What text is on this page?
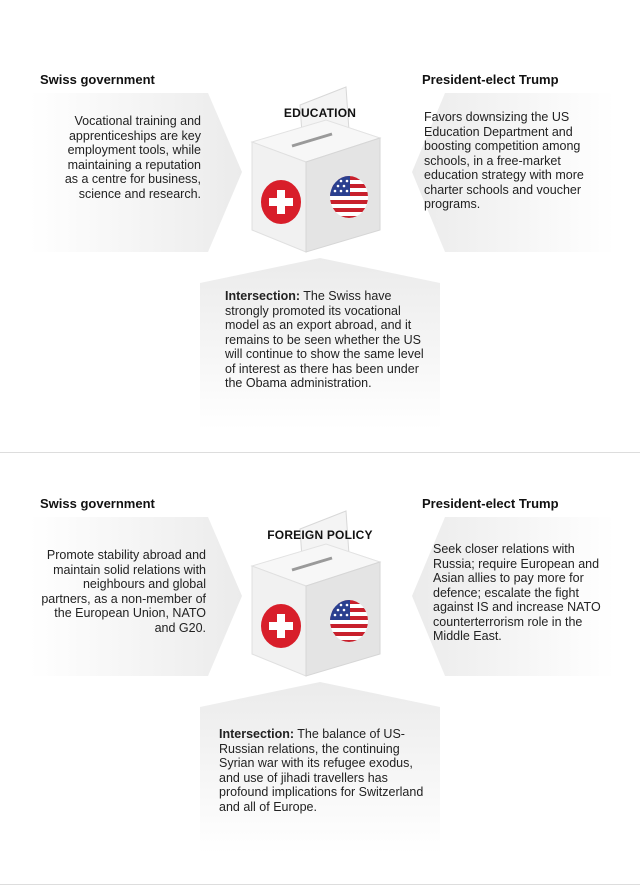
Swiss government	President-elect Trump

Vocational training and apprenticeships are key employment tools, while maintaining a reputation as a centre for business, science and research.

Favors downsizing the US Education Department and boosting competition among schools, in a free-market education strategy with more charter schools and voucher programs.

EDUCATION

Intersection: The Swiss have strongly promoted its vocational model as an export abroad, and it remains to be seen whether the US will continue to show the same level of interest as there has been under the Obama administration.

Swiss government	President-elect Trump

Promote stability abroad and maintain solid relations with neighbours and global partners, as a non-member of the European Union, NATO and G20.

Seek closer relations with Russia; require European and Asian allies to pay more for defence; escalate the fight against IS and increase NATO counterterrorism role in the Middle East.

FOREIGN POLICY

Intersection: The balance of US-Russian relations, the continuing Syrian war with its refugee exodus, and use of jihadi travellers has profound implications for Switzerland and all of Europe.
